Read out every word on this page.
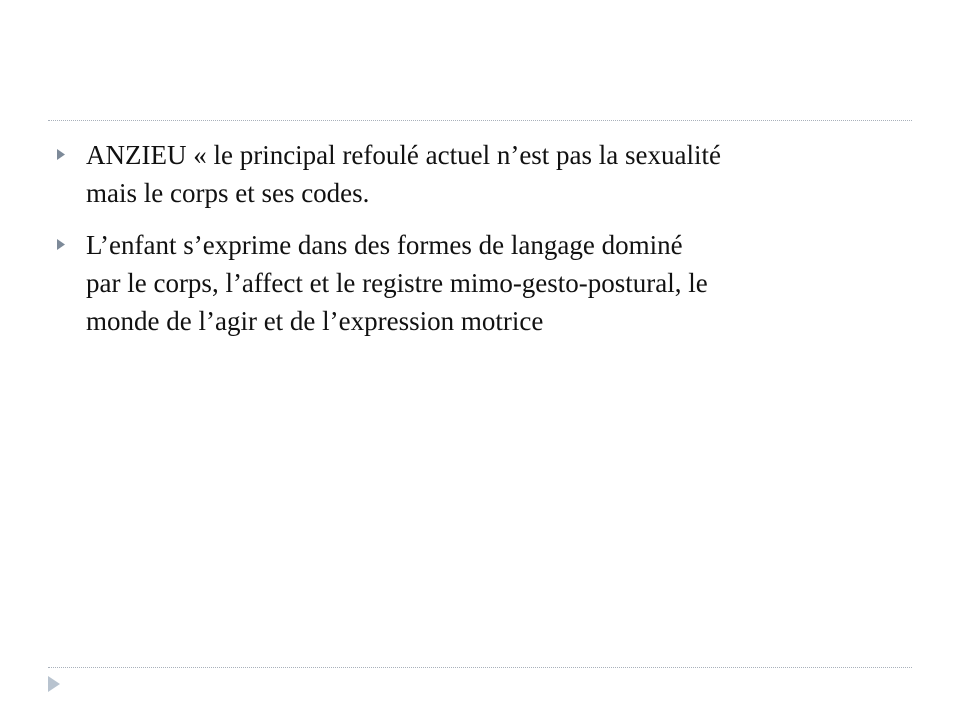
ANZIEU « le principal refoulé actuel n’est pas la sexualité
mais le corps et ses codes.
L’enfant s’exprime dans des formes de langage dominé
par le corps, l’affect et le registre mimo-gesto-postural, le
monde de l’agir et de l’expression motrice
